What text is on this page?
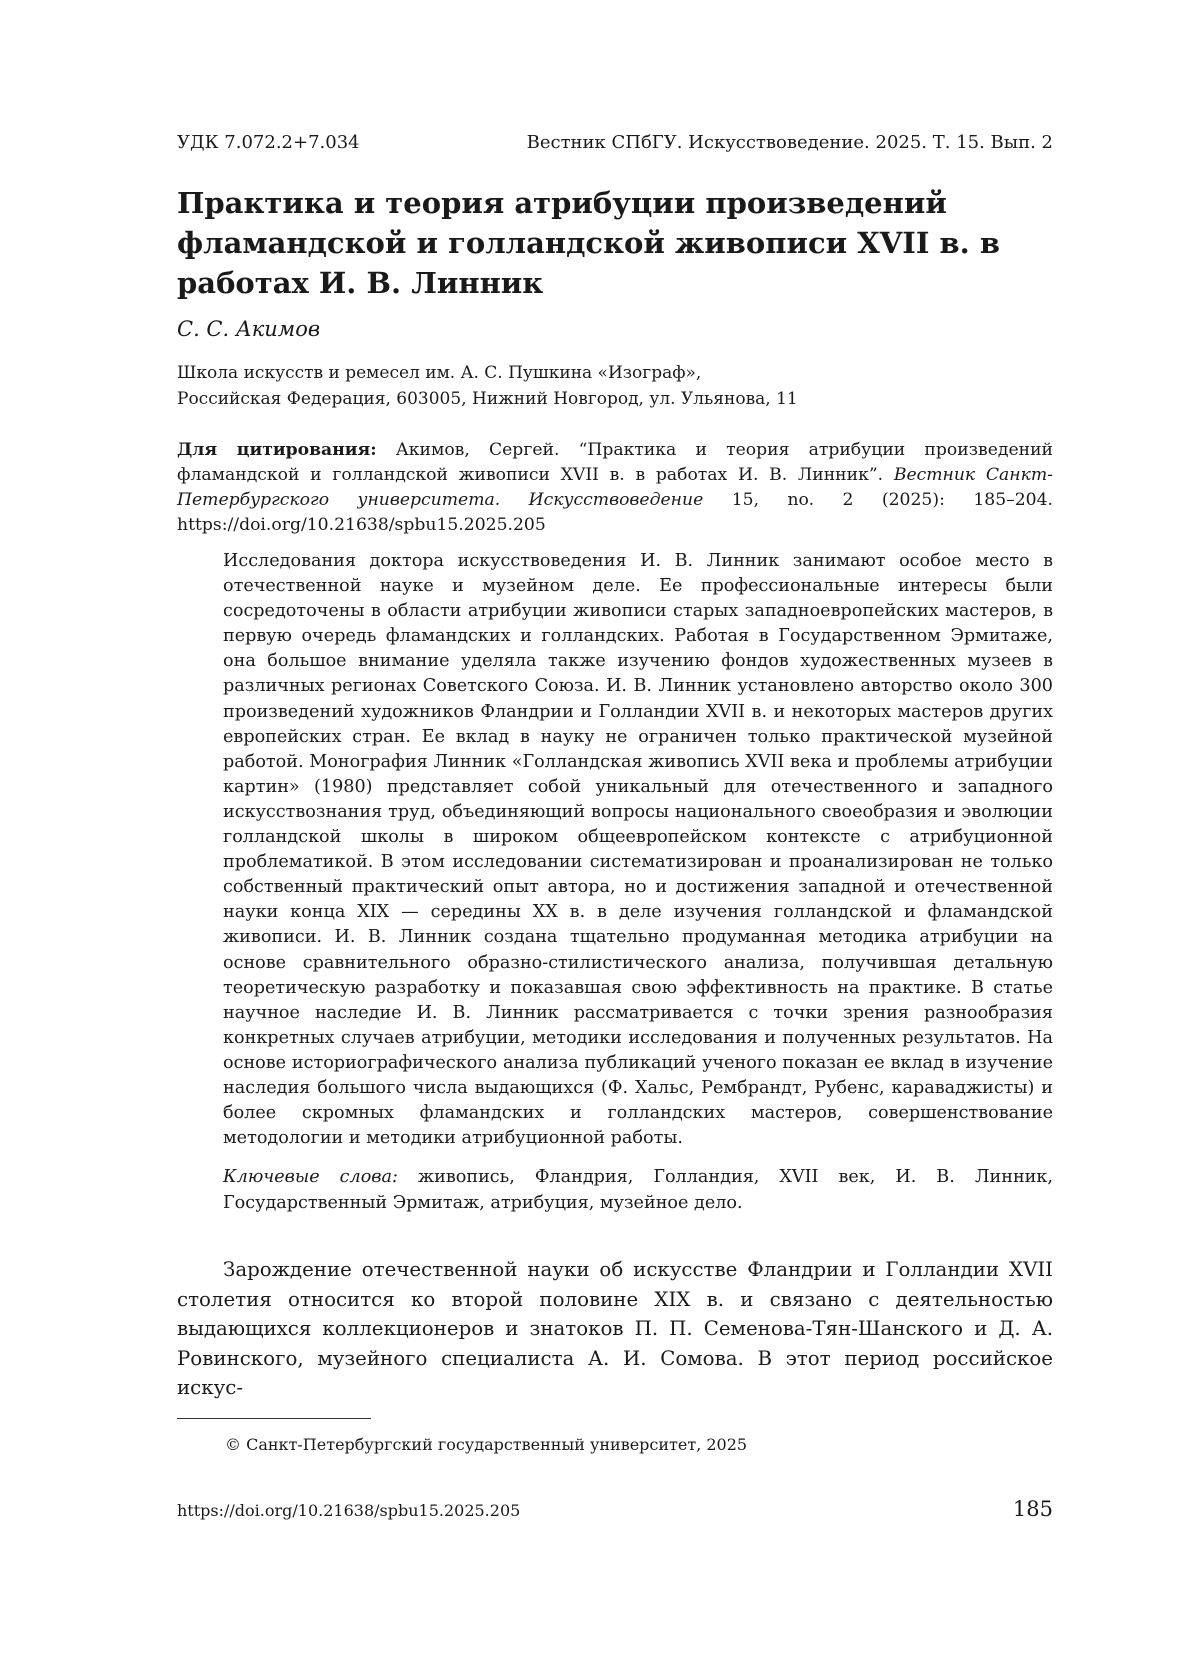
УДК 7.072.2+7.034	Вестник СПбГУ. Искусствоведение. 2025. Т. 15. Вып. 2
Практика и теория атрибуции произведений фламандской и голландской живописи XVII в. в работах И. В. Линник
С. С. Акимов
Школа искусств и ремесел им. А. С. Пушкина «Изограф»,
Российская Федерация, 603005, Нижний Новгород, ул. Ульянова, 11
Для цитирования: Акимов, Сергей. “Практика и теория атрибуции произведений фламандской и голландской живописи XVII в. в работах И. В. Линник”. Вестник Санкт-Петербургского университета. Искусствоведение 15, no. 2 (2025): 185–204. https://doi.org/10.21638/spbu15.2025.205
Исследования доктора искусствоведения И. В. Линник занимают особое место в отечественной науке и музейном деле. Ее профессиональные интересы были сосредоточены в области атрибуции живописи старых западноевропейских мастеров, в первую очередь фламандских и голландских. Работая в Государственном Эрмитаже, она большое внимание уделяла также изучению фондов художественных музеев в различных регионах Советского Союза. И. В. Линник установлено авторство около 300 произведений художников Фландрии и Голландии XVII в. и некоторых мастеров других европейских стран. Ее вклад в науку не ограничен только практической музейной работой. Монография Линник «Голландская живопись XVII века и проблемы атрибуции картин» (1980) представляет собой уникальный для отечественного и западного искусствознания труд, объединяющий вопросы национального своеобразия и эволюции голландской школы в широком общеевропейском контексте с атрибуционной проблематикой. В этом исследовании систематизирован и проанализирован не только собственный практический опыт автора, но и достижения западной и отечественной науки конца XIX — середины XX в. в деле изучения голландской и фламандской живописи. И. В. Линник создана тщательно продуманная методика атрибуции на основе сравнительного образно-стилистического анализа, получившая детальную теоретическую разработку и показавшая свою эффективность на практике. В статье научное наследие И. В. Линник рассматривается с точки зрения разнообразия конкретных случаев атрибуции, методики исследования и полученных результатов. На основе историографического анализа публикаций ученого показан ее вклад в изучение наследия большого числа выдающихся (Ф. Хальс, Рембрандт, Рубенс, караваджисты) и более скромных фламандских и голландских мастеров, совершенствование методологии и методики атрибуционной работы.
Ключевые слова: живопись, Фландрия, Голландия, XVII век, И. В. Линник, Государственный Эрмитаж, атрибуция, музейное дело.
Зарождение отечественной науки об искусстве Фландрии и Голландии XVII столетия относится ко второй половине XIX в. и связано с деятельностью выдающихся коллекционеров и знатоков П. П. Семенова-Тян-Шанского и Д. А. Ровинского, музейного специалиста А. И. Сомова. В этот период российское искус-
© Санкт-Петербургский государственный университет, 2025
https://doi.org/10.21638/spbu15.2025.205	185
